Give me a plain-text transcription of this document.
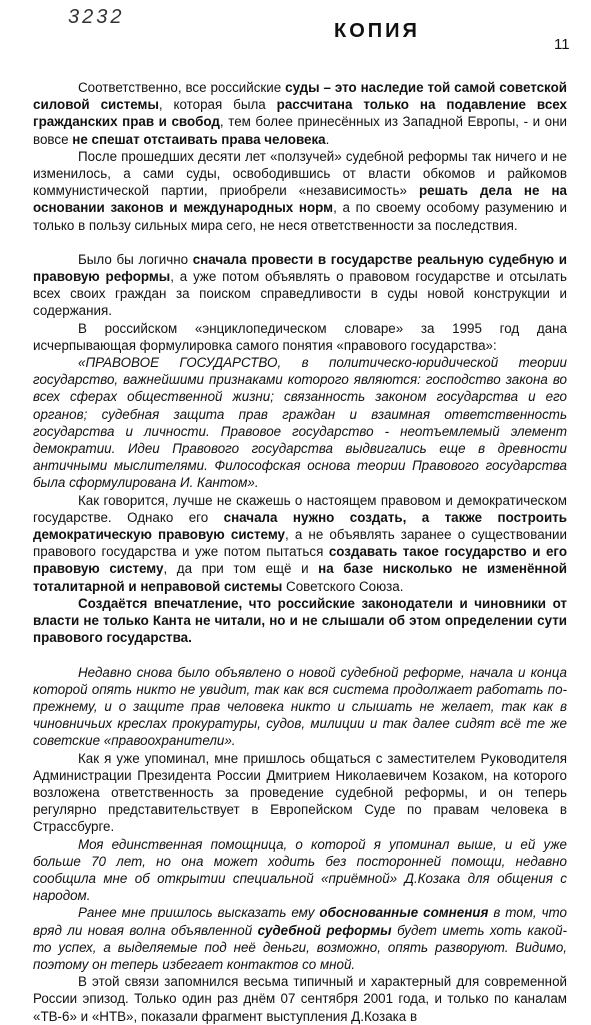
3232
КОПИЯ
11

Соответственно, все российские суды – это наследие той самой советской силовой системы, которая была рассчитана только на подавление всех гражданских прав и свобод, тем более принесённых из Западной Европы, - и они вовсе не спешат отстаивать права человека.

После прошедших десяти лет «ползучей» судебной реформы так ничего и не изменилось, а сами суды, освободившись от власти обкомов и райкомов коммунистической партии, приобрели «независимость» решать дела не на основании законов и международных норм, а по своему особому разумению и только в пользу сильных мира сего, не неся ответственности за последствия.

Было бы логично сначала провести в государстве реальную судебную и правовую реформы, а уже потом объявлять о правовом государстве и отсылать всех своих граждан за поиском справедливости в суды новой конструкции и содержания.

В российском «энциклопедическом словаре» за 1995 год дана исчерпывающая формулировка самого понятия «правового государства»:

«ПРАВОВОЕ ГОСУДАРСТВО, в политическо-юридической теории государство, важнейшими признаками которого являются: господство закона во всех сферах общественной жизни; связанность законом государства и его органов; судебная защита прав граждан и взаимная ответственность государства и личности. Правовое государство - неотъемлемый элемент демократии. Идеи Правового государства выдвигались еще в древности античными мыслителями. Философская основа теории Правового государства была сформулирована И. Кантом».

Как говорится, лучше не скажешь о настоящем правовом и демократическом государстве. Однако его сначала нужно создать, а также построить демократическую правовую систему, а не объявлять заранее о существовании правового государства и уже потом пытаться создавать такое государство и его правовую систему, да при том ещё и на базе нисколько не изменённой тоталитарной и неправовой системы Советского Союза.

Создаётся впечатление, что российские законодатели и чиновники от власти не только Канта не читали, но и не слышали об этом определении сути правового государства.

Недавно снова было объявлено о новой судебной реформе, начала и конца которой опять никто не увидит, так как вся система продолжает работать по-прежнему, и о защите прав человека никто и слышать не желает, так как в чиновничьих креслах прокуратуры, судов, милиции и так далее сидят всё те же советские «правоохранители».

Как я уже упоминал, мне пришлось общаться с заместителем Руководителя Администрации Президента России Дмитрием Николаевичем Козаком, на которого возложена ответственность за проведение судебной реформы, и он теперь регулярно представительствует в Европейском Суде по правам человека в Страссбурге.

Моя единственная помощница, о которой я упоминал выше, и ей уже больше 70 лет, но она может ходить без посторонней помощи, недавно сообщила мне об открытии специальной «приёмной» Д.Козака для общения с народом.

Ранее мне пришлось высказать ему обоснованные сомнения в том, что вряд ли новая волна объявленной судебной реформы будет иметь хоть какой-то успех, а выделяемые под неё деньги, возможно, опять разворуют. Видимо, поэтому он теперь избегает контактов со мной.

В этой связи запомнился весьма типичный и характерный для современной России эпизод. Только один раз днём 07 сентября 2001 года, и только по каналам «ТВ-6» и «НТВ», показали фрагмент выступления Д.Козака в
